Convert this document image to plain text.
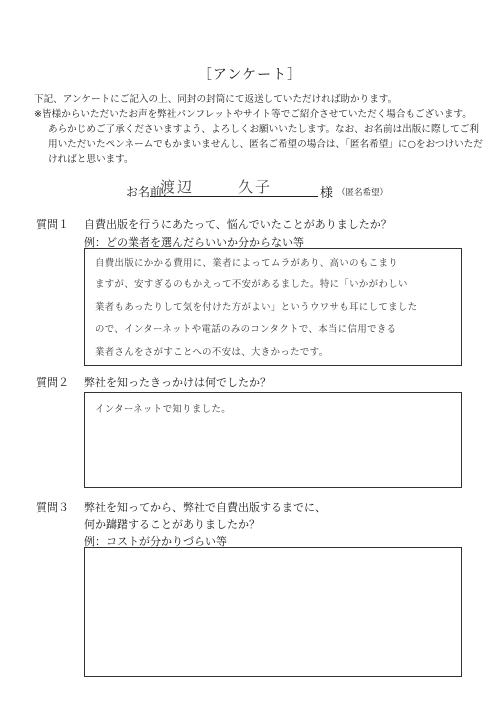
［アンケート］
下記、アンケートにご記入の上、同封の封筒にて返送していただければ助かります。
※皆様からいただいたお声を弊社パンフレットやサイト等でご紹介させていただく場合もございます。
あらかじめご了承くださいますよう、よろしくお願いいたします。なお、お名前は出版に際してご利
用いただいたペンネームでもかまいませんし、匿名ご希望の場合は、「匿名希望」に○をおつけいただ
ければと思います。
お名前：
渡辺	久子	様 （匿名希望）
質問１ 自費出版を行うにあたって、悩んでいたことがありましたか？
例：どの業者を選んだらいいか分からない等
自費出版にかかる費用に、業者によってムラがあり、高いのもこまり
ますが、安すぎるのもかえって不安があるました。特に「いかがわしい
業者もあったりして気を付けた方がよい」というウワサも耳にしてました
ので、インターネットや電話のみのコンタクトで、本当に信用できる
業者さんをさがすことへの不安は、大きかったです。
質問２ 弊社を知ったきっかけは何でしたか？
インターネットで知りました。
質問３ 弊社を知ってから、弊社で自費出版するまでに、
何か躊躇することがありましたか？
例：コストが分かりづらい等
